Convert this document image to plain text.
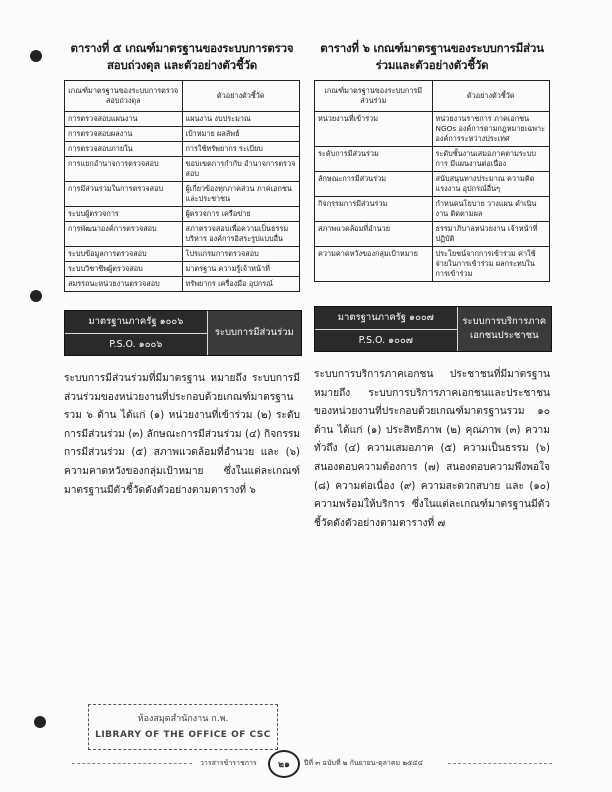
ตารางที่ ๕ เกณฑ์มาตรฐานของระบบการตรวจสอบถ่วงดุล และตัวอย่างตัวชี้วัด
เกณฑ์มาตรฐานของระบบการตรวจสอบถ่วงดุล	ตัวอย่างตัวชี้วัด
การตรวจสอบแผนงาน	แผนงาน งบประมาณ
การตรวจสอบผลงาน	เป้าหมาย ผลลัพธ์
การตรวจสอบภายใน	การใช้ทรัพยากร ระเบียบ
การแยกอำนาจการตรวจสอบ	ขอบเขตการกำกับ อำนาจการตรวจสอบ
การมีส่วนร่วมในการตรวจสอบ	ผู้เกี่ยวข้องทุกภาคส่วน ภาคเอกชนและประชาชน
ระบบผู้ตรวจการ	ผู้ตรวจการ เครือข่าย
การพัฒนาองค์การตรวจสอบ	สภาตรวจสอบเพื่อความเป็นธรรม บริหาร องค์การอิสระรูปแบบอื่น
ระบบข้อมูลการตรวจสอบ	โปรแกรมการตรวจสอบ
ระบบวิชาชีพผู้ตรวจสอบ	มาตรฐาน ความรู้เจ้าหน้าที่
สมรรถนะหน่วยงานตรวจสอบ	ทรัพยากร เครื่องมือ อุปกรณ์
มาตรฐานภาครัฐ ๑๐๐๖
P.S.O. ๑๐๐๖
ระบบการมีส่วนร่วม
ระบบการมีส่วนร่วมที่มีมาตรฐาน หมายถึง ระบบการมีส่วนร่วมของหน่วยงานที่ประกอบด้วยเกณฑ์มาตรฐานรวม ๖ ด้าน ได้แก่ (๑) หน่วยงานที่เข้าร่วม (๒) ระดับการมีส่วนร่วม (๓) ลักษณะการมีส่วนร่วม (๔) กิจกรรมการมีส่วนร่วม (๕) สภาพแวดล้อมที่อำนวย และ (๖) ความคาดหวังของกลุ่มเป้าหมาย ซึ่งในแต่ละเกณฑ์มาตรฐานมีตัวชี้วัดดังตัวอย่างตามตารางที่ ๖
ตารางที่ ๖ เกณฑ์มาตรฐานของระบบการมีส่วนร่วมและตัวอย่างตัวชี้วัด
เกณฑ์มาตรฐานของระบบการมีส่วนร่วม	ตัวอย่างตัวชี้วัด
หน่วยงานที่เข้าร่วม	หน่วยงานราชการ ภาคเอกชน NGOs องค์การตามกฎหมายเฉพาะ องค์การระหว่างประเทศ
ระดับการมีส่วนร่วม	ระดับชั้นงานเสมอภาคตามระบบการ มีแผนงานต่อเนื่อง
ลักษณะการมีส่วนร่วม	สนับสนุนทางประมาณ ความคิด แรงงาน อุปกรณ์อื่นๆ
กิจกรรมการมีส่วนร่วม	กำหนดนโยบาย วางแผน ดำเนินงาน ติดตามผล
สภาพแวดล้อมที่อำนวย	ธรรมาภิบาลหน่วยงาน เจ้าหน้าที่ ปฏิบัติ
ความคาดหวังของกลุ่มเป้าหมาย	ประโยชน์จากการเข้าร่วม ค่าใช้จ่ายในการเข้าร่วม ผลกระทบในการเข้าร่วม
มาตรฐานภาครัฐ ๑๐๐๗
P.S.O. ๑๐๐๗
ระบบการบริการภาคเอกชนประชาชน
ระบบการบริการภาคเอกชน ประชาชนที่มีมาตรฐาน หมายถึง ระบบการบริการภาคเอกชนและประชาชนของหน่วยงานที่ประกอบด้วยเกณฑ์มาตรฐานรวม ๑๐ ด้าน ได้แก่ (๑) ประสิทธิภาพ (๒) คุณภาพ (๓) ความทั่วถึง (๔) ความเสมอภาค (๕) ความเป็นธรรม (๖) สนองตอบความต้องการ (๗) สนองตอบความพึงพอใจ (๘) ความต่อเนื่อง (๙) ความสะดวกสบาย และ (๑๐) ความพร้อมให้บริการ ซึ่งในแต่ละเกณฑ์มาตรฐานมีตัวชี้วัดดังตัวอย่างตามตารางที่ ๗
ห้องสมุดสำนักงาน ก.พ.
LIBRARY OF THE OFFICE OF CSC
วารสารข้าราชการ	๒๑	ปีที่ ๓ ฉบับที่ ๒ กันยายน-ตุลาคม ๒๕๔๔
